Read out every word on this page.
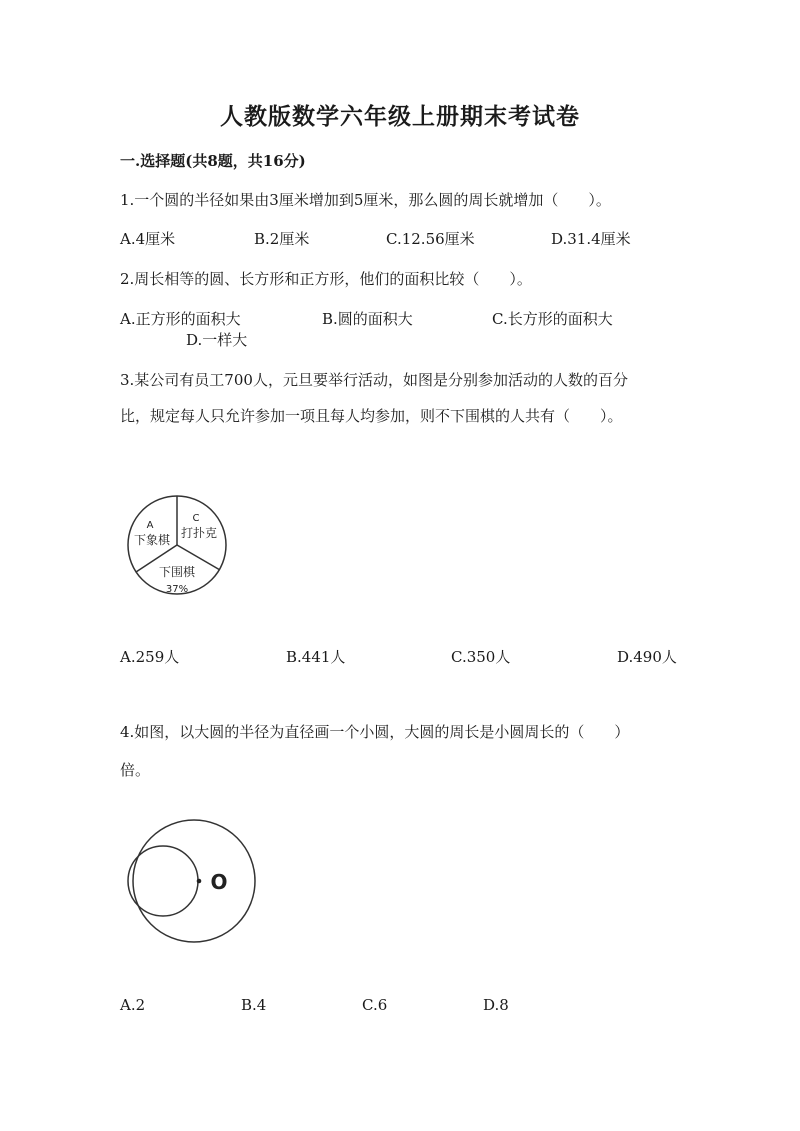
人教版数学六年级上册期末考试卷
一.选择题(共8题，共16分)
1.一个圆的半径如果由3厘米增加到5厘米，那么圆的周长就增加（　　）。
A.4厘米	B.2厘米	C.12.56厘米	D.31.4厘米
2.周长相等的圆、长方形和正方形，他们的面积比较（　　）。
A.正方形的面积大	B.圆的面积大	C.长方形的面积大
D.一样大
3.某公司有员工700人，元旦要举行活动，如图是分别参加活动的人数的百分
比，规定每人只允许参加一项且每人均参加，则不下围棋的人共有（　　）。
A
下象棋
C
打扑克
下围棋
37%
A.259人	B.441人	C.350人	D.490人
4.如图，以大圆的半径为直径画一个小圆，大圆的周长是小圆周长的（　　）
倍。
O
A.2	B.4	C.6	D.8
